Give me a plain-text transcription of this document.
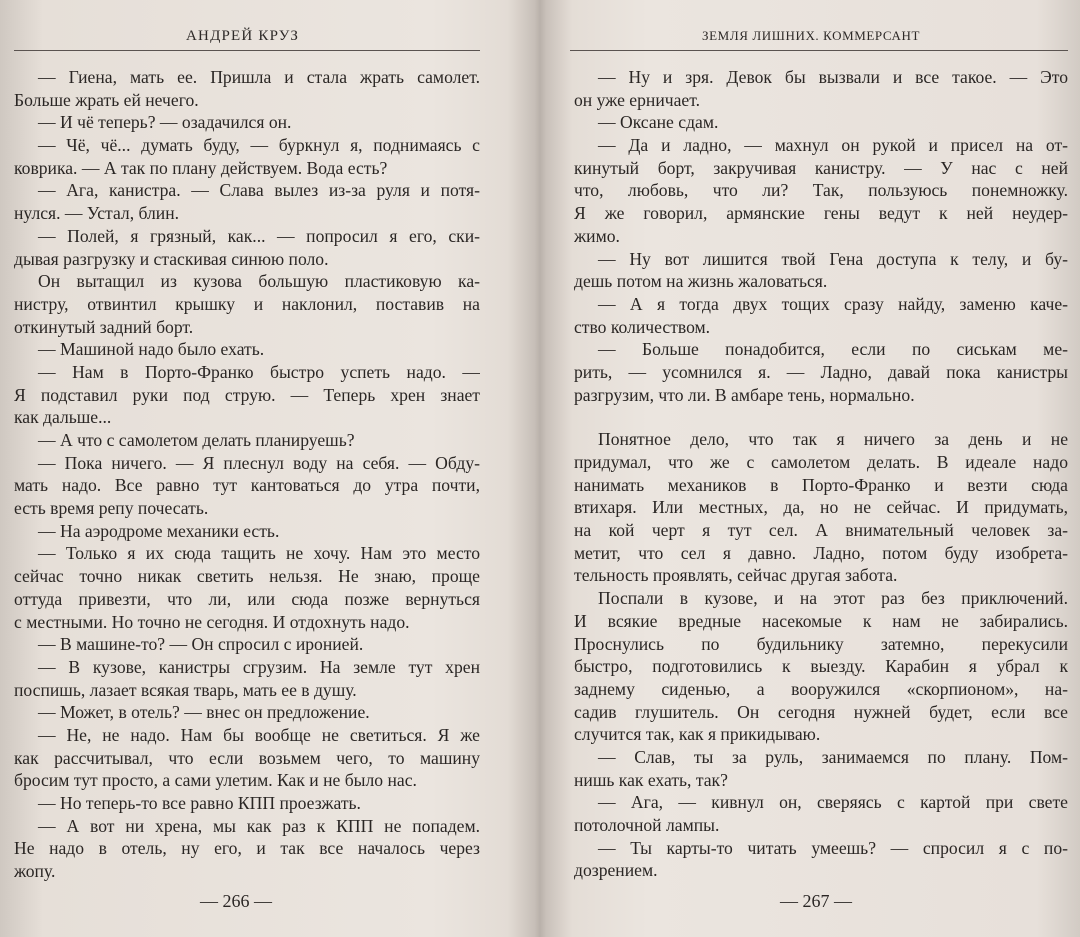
АНДРЕЙ КРУЗ
— Гиена, мать ее. Пришла и стала жрать самолет.
Больше жрать ей нечего.
— И чё теперь? — озадачился он.
— Чё, чё... думать буду, — буркнул я, поднимаясь с
коврика. — А так по плану действуем. Вода есть?
— Ага, канистра. — Слава вылез из-за руля и потя-
нулся. — Устал, блин.
— Полей, я грязный, как... — попросил я его, ски-
дывая разгрузку и стаскивая синюю поло.
Он вытащил из кузова большую пластиковую ка-
нистру, отвинтил крышку и наклонил, поставив на
откинутый задний борт.
— Машиной надо было ехать.
— Нам в Порто-Франко быстро успеть надо. —
Я подставил руки под струю. — Теперь хрен знает
как дальше...
— А что с самолетом делать планируешь?
— Пока ничего. — Я плеснул воду на себя. — Обду-
мать надо. Все равно тут кантоваться до утра почти,
есть время репу почесать.
— На аэродроме механики есть.
— Только я их сюда тащить не хочу. Нам это место
сейчас точно никак светить нельзя. Не знаю, проще
оттуда привезти, что ли, или сюда позже вернуться
с местными. Но точно не сегодня. И отдохнуть надо.
— В машине-то? — Он спросил с иронией.
— В кузове, канистры сгрузим. На земле тут хрен
поспишь, лазает всякая тварь, мать ее в душу.
— Может, в отель? — внес он предложение.
— Не, не надо. Нам бы вообще не светиться. Я же
как рассчитывал, что если возьмем чего, то машину
бросим тут просто, а сами улетим. Как и не было нас.
— Но теперь-то все равно КПП проезжать.
— А вот ни хрена, мы как раз к КПП не попадем.
Не надо в отель, ну его, и так все началось через
жопу.
— 266 —
ЗЕМЛЯ ЛИШНИХ. КОММЕРСАНТ
— Ну и зря. Девок бы вызвали и все такое. — Это
он уже ерничает.
— Оксане сдам.
— Да и ладно, — махнул он рукой и присел на от-
кинутый борт, закручивая канистру. — У нас с ней
что, любовь, что ли? Так, пользуюсь понемножку.
Я же говорил, армянские гены ведут к ней неудер-
жимо.
— Ну вот лишится твой Гена доступа к телу, и бу-
дешь потом на жизнь жаловаться.
— А я тогда двух тощих сразу найду, заменю каче-
ство количеством.
— Больше понадобится, если по сиськам ме-
рить, — усомнился я. — Ладно, давай пока канистры
разгрузим, что ли. В амбаре тень, нормально.
Понятное дело, что так я ничего за день и не
придумал, что же с самолетом делать. В идеале надо
нанимать механиков в Порто-Франко и везти сюда
втихаря. Или местных, да, но не сейчас. И придумать,
на кой черт я тут сел. А внимательный человек за-
метит, что сел я давно. Ладно, потом буду изобрета-
тельность проявлять, сейчас другая забота.
Поспали в кузове, и на этот раз без приключений.
И всякие вредные насекомые к нам не забирались.
Проснулись по будильнику затемно, перекусили
быстро, подготовились к выезду. Карабин я убрал к
заднему сиденью, а вооружился «скорпионом», на-
садив глушитель. Он сегодня нужней будет, если все
случится так, как я прикидываю.
— Слав, ты за руль, занимаемся по плану. Пом-
нишь как ехать, так?
— Ага, — кивнул он, сверяясь с картой при свете
потолочной лампы.
— Ты карты-то читать умеешь? — спросил я с по-
дозрением.
— 267 —
